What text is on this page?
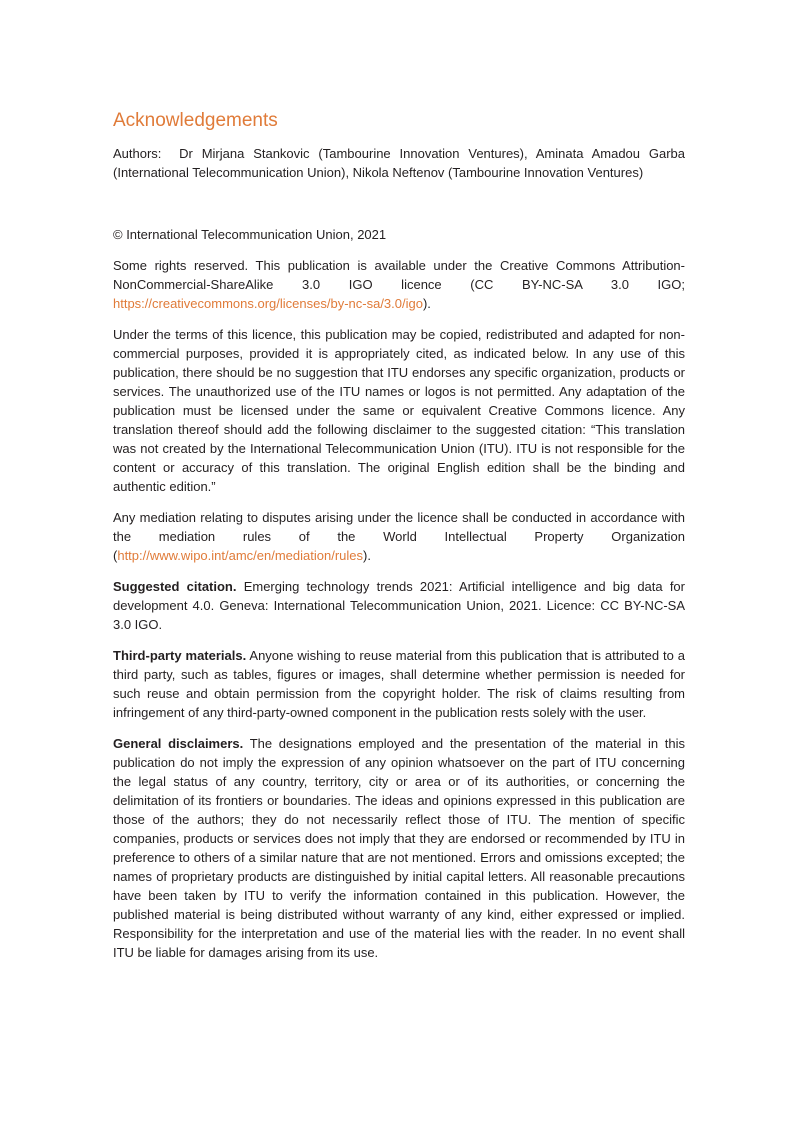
Acknowledgements

Authors: Dr Mirjana Stankovic (Tambourine Innovation Ventures), Aminata Amadou Garba (International Telecommunication Union), Nikola Neftenov (Tambourine Innovation Ventures)

© International Telecommunication Union, 2021

Some rights reserved. This publication is available under the Creative Commons Attribution-NonCommercial-ShareAlike 3.0 IGO licence (CC BY-NC-SA 3.0 IGO; https://creativecommons.org/licenses/by-nc-sa/3.0/igo).

Under the terms of this licence, this publication may be copied, redistributed and adapted for non-commercial purposes, provided it is appropriately cited, as indicated below. In any use of this publication, there should be no suggestion that ITU endorses any specific organization, products or services. The unauthorized use of the ITU names or logos is not permitted. Any adaptation of the publication must be licensed under the same or equivalent Creative Commons licence. Any translation thereof should add the following disclaimer to the suggested citation: “This translation was not created by the International Telecommunication Union (ITU). ITU is not responsible for the content or accuracy of this translation. The original English edition shall be the binding and authentic edition.”

Any mediation relating to disputes arising under the licence shall be conducted in accordance with the mediation rules of the World Intellectual Property Organization (http://www.wipo.int/amc/en/mediation/rules).

Suggested citation. Emerging technology trends 2021: Artificial intelligence and big data for development 4.0. Geneva: International Telecommunication Union, 2021. Licence: CC BY-NC-SA 3.0 IGO.

Third-party materials. Anyone wishing to reuse material from this publication that is attributed to a third party, such as tables, figures or images, shall determine whether permission is needed for such reuse and obtain permission from the copyright holder. The risk of claims resulting from infringement of any third-party-owned component in the publication rests solely with the user.

General disclaimers. The designations employed and the presentation of the material in this publication do not imply the expression of any opinion whatsoever on the part of ITU concerning the legal status of any country, territory, city or area or of its authorities, or concerning the delimitation of its frontiers or boundaries. The ideas and opinions expressed in this publication are those of the authors; they do not necessarily reflect those of ITU. The mention of specific companies, products or services does not imply that they are endorsed or recommended by ITU in preference to others of a similar nature that are not mentioned. Errors and omissions excepted; the names of proprietary products are distinguished by initial capital letters. All reasonable precautions have been taken by ITU to verify the information contained in this publication. However, the published material is being distributed without warranty of any kind, either expressed or implied. Responsibility for the interpretation and use of the material lies with the reader. In no event shall ITU be liable for damages arising from its use.
